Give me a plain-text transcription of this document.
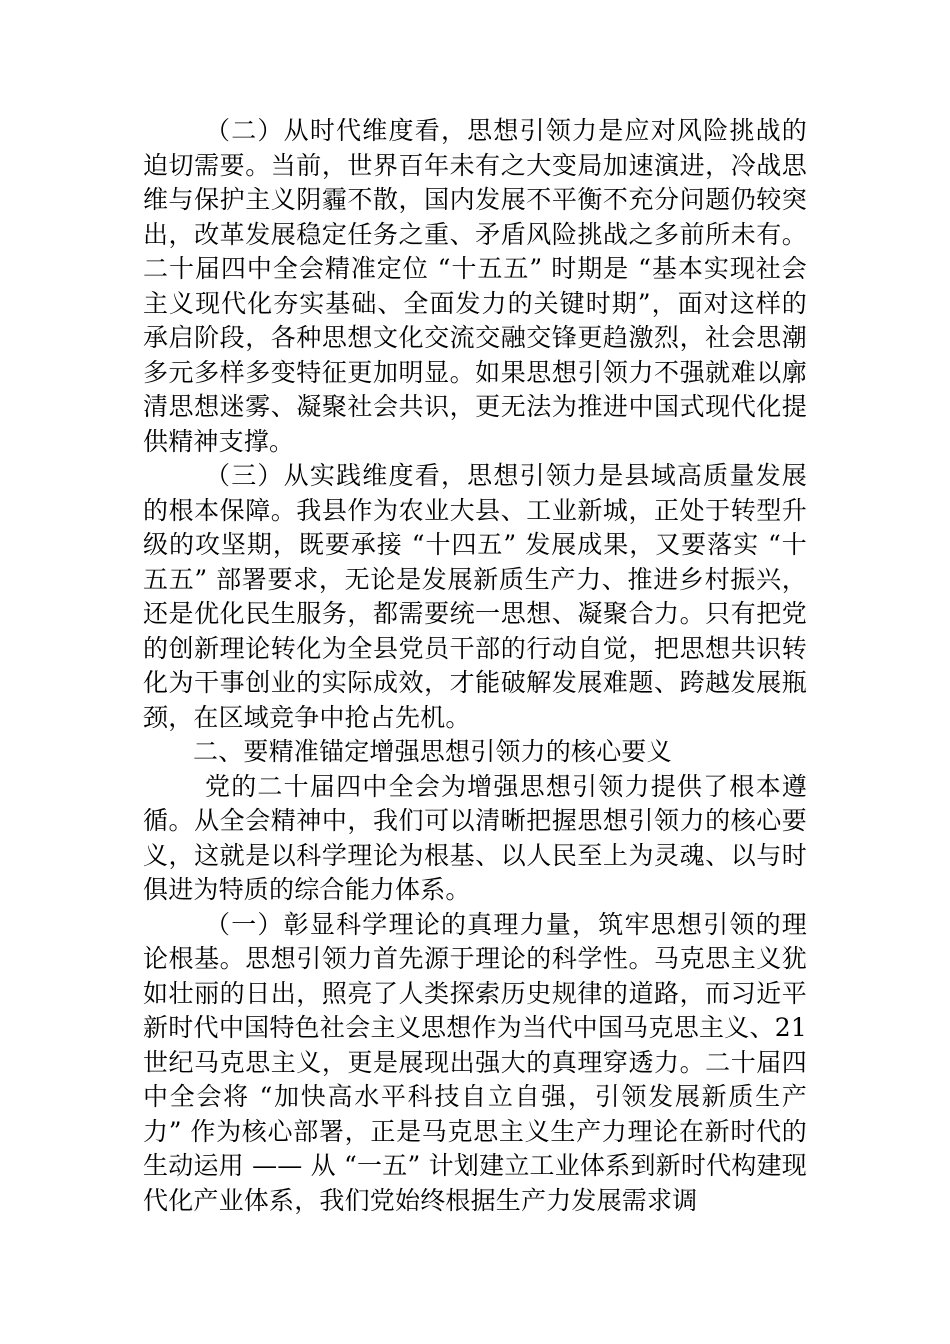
（二）从时代维度看，思想引领力是应对风险挑战的迫切需要。当前，世界百年未有之大变局加速演进，冷战思维与保护主义阴霾不散，国内发展不平衡不充分问题仍较突出，改革发展稳定任务之重、矛盾风险挑战之多前所未有。二十届四中全会精准定位 “十五五” 时期是 “基本实现社会主义现代化夯实基础、全面发力的关键时期”，面对这样的承启阶段，各种思想文化交流交融交锋更趋激烈，社会思潮多元多样多变特征更加明显。如果思想引领力不强就难以廓清思想迷雾、凝聚社会共识，更无法为推进中国式现代化提供精神支撑。

（三）从实践维度看，思想引领力是县域高质量发展的根本保障。我县作为农业大县、工业新城，正处于转型升级的攻坚期，既要承接 “十四五” 发展成果，又要落实 “十五五” 部署要求，无论是发展新质生产力、推进乡村振兴，还是优化民生服务，都需要统一思想、凝聚合力。只有把党的创新理论转化为全县党员干部的行动自觉，把思想共识转化为干事创业的实际成效，才能破解发展难题、跨越发展瓶颈，在区域竞争中抢占先机。

二、要精准锚定增强思想引领力的核心要义

党的二十届四中全会为增强思想引领力提供了根本遵循。从全会精神中，我们可以清晰把握思想引领力的核心要义，这就是以科学理论为根基、以人民至上为灵魂、以与时俱进为特质的综合能力体系。

（一）彰显科学理论的真理力量，筑牢思想引领的理论根基。思想引领力首先源于理论的科学性。马克思主义犹如壮丽的日出，照亮了人类探索历史规律的道路，而习近平新时代中国特色社会主义思想作为当代中国马克思主义、21 世纪马克思主义，更是展现出强大的真理穿透力。二十届四中全会将 “加快高水平科技自立自强，引领发展新质生产力” 作为核心部署，正是马克思主义生产力理论在新时代的生动运用 —— 从 “一五” 计划建立工业体系到新时代构建现代化产业体系，我们党始终根据生产力发展需求调
